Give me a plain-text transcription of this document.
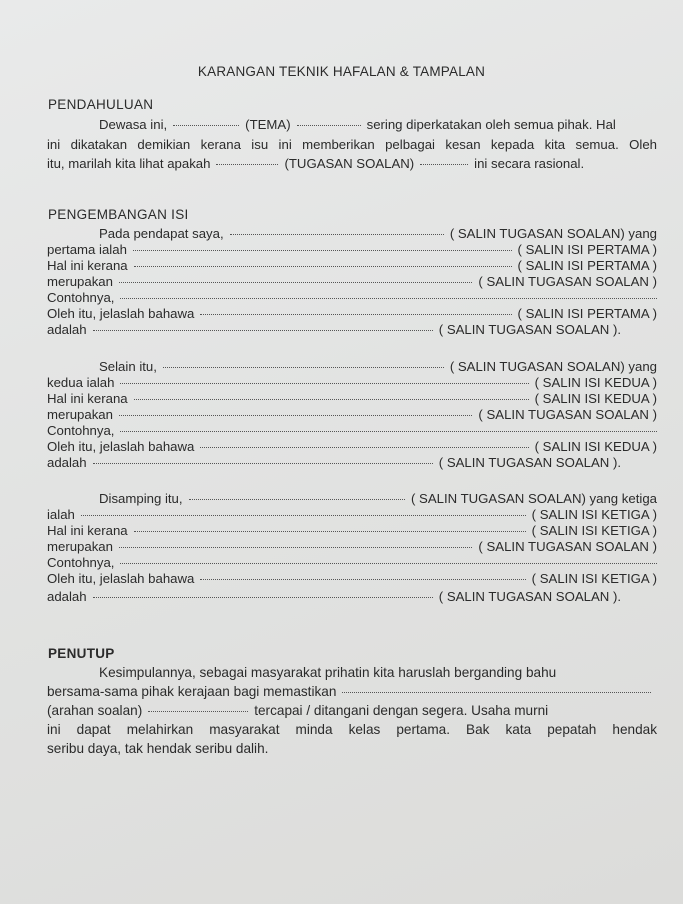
KARANGAN TEKNIK HAFALAN & TAMPALAN
PENDAHULUAN
Dewasa ini,	(TEMA)	sering diperkatakan oleh semua pihak. Hal
ini dikatakan demikian kerana isu ini memberikan pelbagai kesan kepada kita semua. Oleh
itu, marilah kita lihat apakah	(TUGASAN SOALAN)	ini secara rasional.
PENGEMBANGAN ISI
Pada pendapat saya,	( SALIN TUGASAN SOALAN) yang
pertama ialah	( SALIN ISI PERTAMA )
Hal ini kerana	( SALIN ISI PERTAMA )
merupakan	( SALIN TUGASAN SOALAN )
Contohnya,
Oleh itu, jelaslah bahawa	( SALIN ISI PERTAMA )
adalah	( SALIN TUGASAN SOALAN ).
Selain itu,	( SALIN TUGASAN SOALAN) yang
kedua ialah	( SALIN ISI KEDUA )
Hal ini kerana	( SALIN ISI KEDUA )
merupakan	( SALIN TUGASAN SOALAN )
Contohnya,
Oleh itu, jelaslah bahawa	( SALIN ISI KEDUA )
adalah	( SALIN TUGASAN SOALAN ).
Disamping itu,	( SALIN TUGASAN SOALAN) yang ketiga
ialah	( SALIN ISI KETIGA )
Hal ini kerana	( SALIN ISI KETIGA )
merupakan	( SALIN TUGASAN SOALAN )
Contohnya,
Oleh itu, jelaslah bahawa	( SALIN ISI KETIGA )
adalah	( SALIN TUGASAN SOALAN ).
PENUTUP
Kesimpulannya, sebagai masyarakat prihatin kita haruslah berganding bahu
bersama-sama pihak kerajaan bagi memastikan
(arahan soalan)	tercapai / ditangani dengan segera. Usaha murni
ini dapat melahirkan masyarakat minda kelas pertama. Bak kata pepatah hendak
seribu daya, tak hendak seribu dalih.
